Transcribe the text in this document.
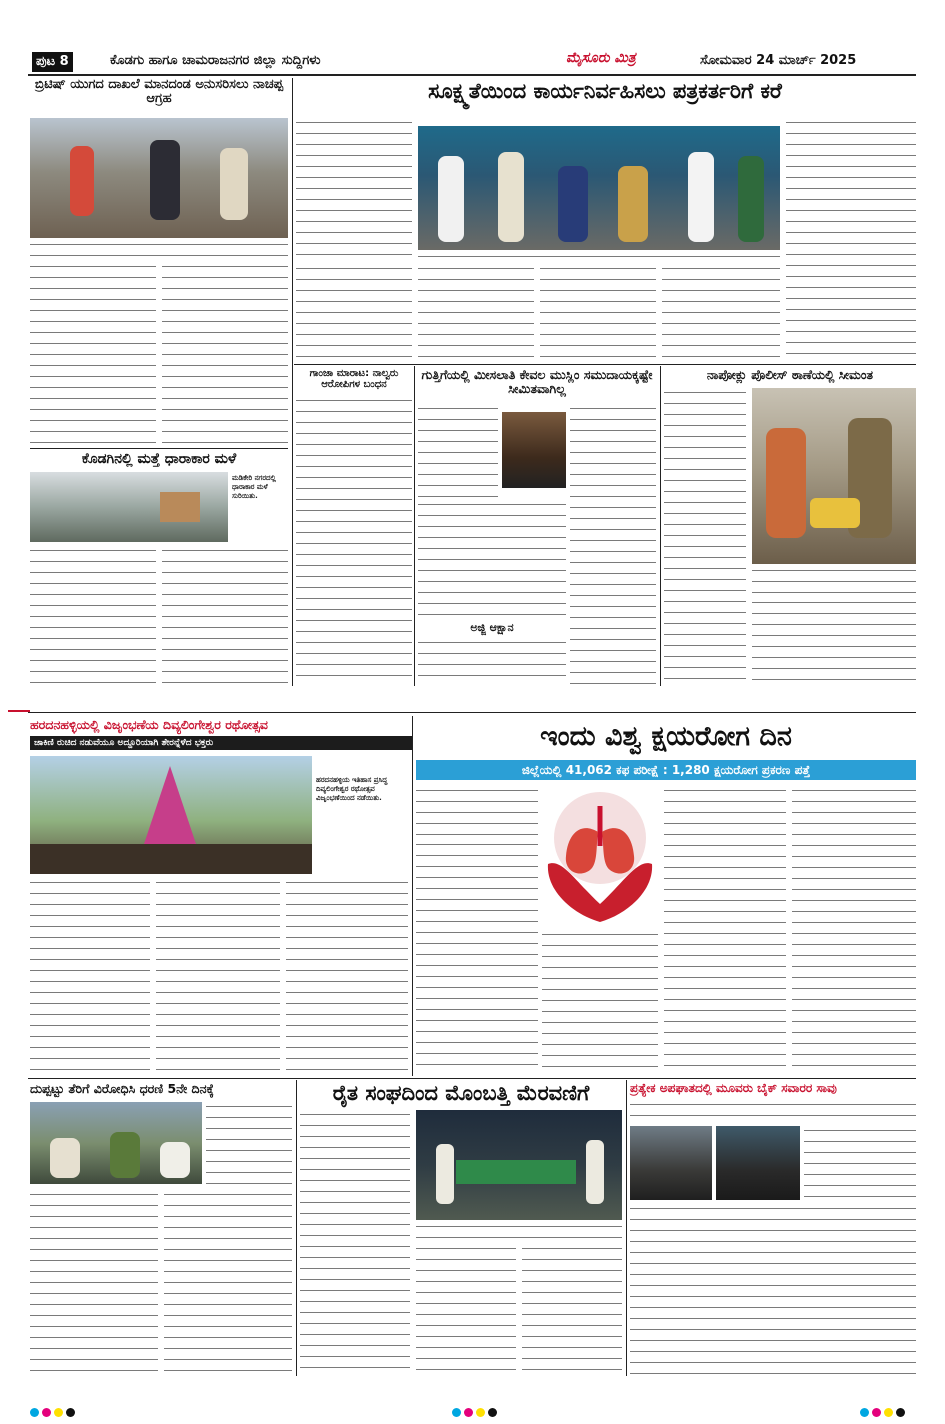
ಪುಟ 8	ಕೊಡಗು ಹಾಗೂ ಚಾಮರಾಜನಗರ ಜಿಲ್ಲಾ ಸುದ್ದಿಗಳು	ಮೈಸೂರು ಮಿತ್ರ	ಸೋಮವಾರ 24 ಮಾರ್ಚ್ 2025
ಬ್ರಿಟಿಷ್ ಯುಗದ ದಾಖಲೆ ಮಾನದಂಡ ಅನುಸರಿಸಲು ನಾಚಪ್ಪ ಆಗ್ರಹ
ಕೊಡಗಿನಲ್ಲಿ ಮತ್ತೆ ಧಾರಾಕಾರ ಮಳೆ
ಮಡಿಕೇರಿ ನಗರದಲ್ಲಿ ಧಾರಾಕಾರ ಮಳೆ ಸುರಿಯಿತು.
ಸೂಕ್ಷ್ಮತೆಯಿಂದ ಕಾರ್ಯನಿರ್ವಹಿಸಲು ಪತ್ರಕರ್ತರಿಗೆ ಕರೆ
ಗಾಂಜಾ ಮಾರಾಟ: ನಾಲ್ವರು ಆರೋಪಿಗಳ ಬಂಧನ
ಗುತ್ತಿಗೆಯಲ್ಲಿ ಮೀಸಲಾತಿ ಕೇವಲ ಮುಸ್ಲಿಂ ಸಮುದಾಯಕ್ಕಷ್ಟೇ ಸೀಮಿತವಾಗಿಲ್ಲ
ಅಜ್ಜಿ ಆಕ್ಷಾನ
ನಾಪೋಕ್ಲು ಪೊಲೀಸ್ ಠಾಣೆಯಲ್ಲಿ ಸೀಮಂತ
ಹರದನಹಳ್ಳಿಯಲ್ಲಿ ವಿಜೃಂಭಣೆಯ ದಿವ್ಯಲಿಂಗೇಶ್ವರ ರಥೋತ್ಸವ
ಜಾಕಿಣಿ ರುಚಿದ ನಡುವೆಯೂ ಅದ್ದೂರಿಯಾಗಿ ತೇರನ್ನೆಳೆದ ಭಕ್ತರು
ಹರದನಹಳ್ಳಿಯ ಇತಿಹಾಸ ಪ್ರಸಿದ್ಧ ದಿವ್ಯಲಿಂಗೇಶ್ವರ ರಥೋತ್ಸವ ವಿಜೃಂಭಣೆಯಿಂದ ನಡೆಯಿತು.
ಇಂದು ವಿಶ್ವ ಕ್ಷಯರೋಗ ದಿನ
ಜಿಲ್ಲೆಯಲ್ಲಿ 41,062 ಕಫ ಪರೀಕ್ಷೆ : 1,280 ಕ್ಷಯರೋಗ ಪ್ರಕರಣ ಪತ್ತೆ
ದುಪ್ಪಟ್ಟು ತೆರಿಗೆ ವಿರೋಧಿಸಿ ಧರಣಿ 5ನೇ ದಿನಕ್ಕೆ	ರೈತ ಸಂಘದಿಂದ ಮೊಂಬತ್ತಿ ಮೆರವಣಿಗೆ	ಪ್ರತ್ಯೇಕ ಅಪಘಾತದಲ್ಲಿ ಮೂವರು ಬೈಕ್ ಸವಾರರ ಸಾವು
